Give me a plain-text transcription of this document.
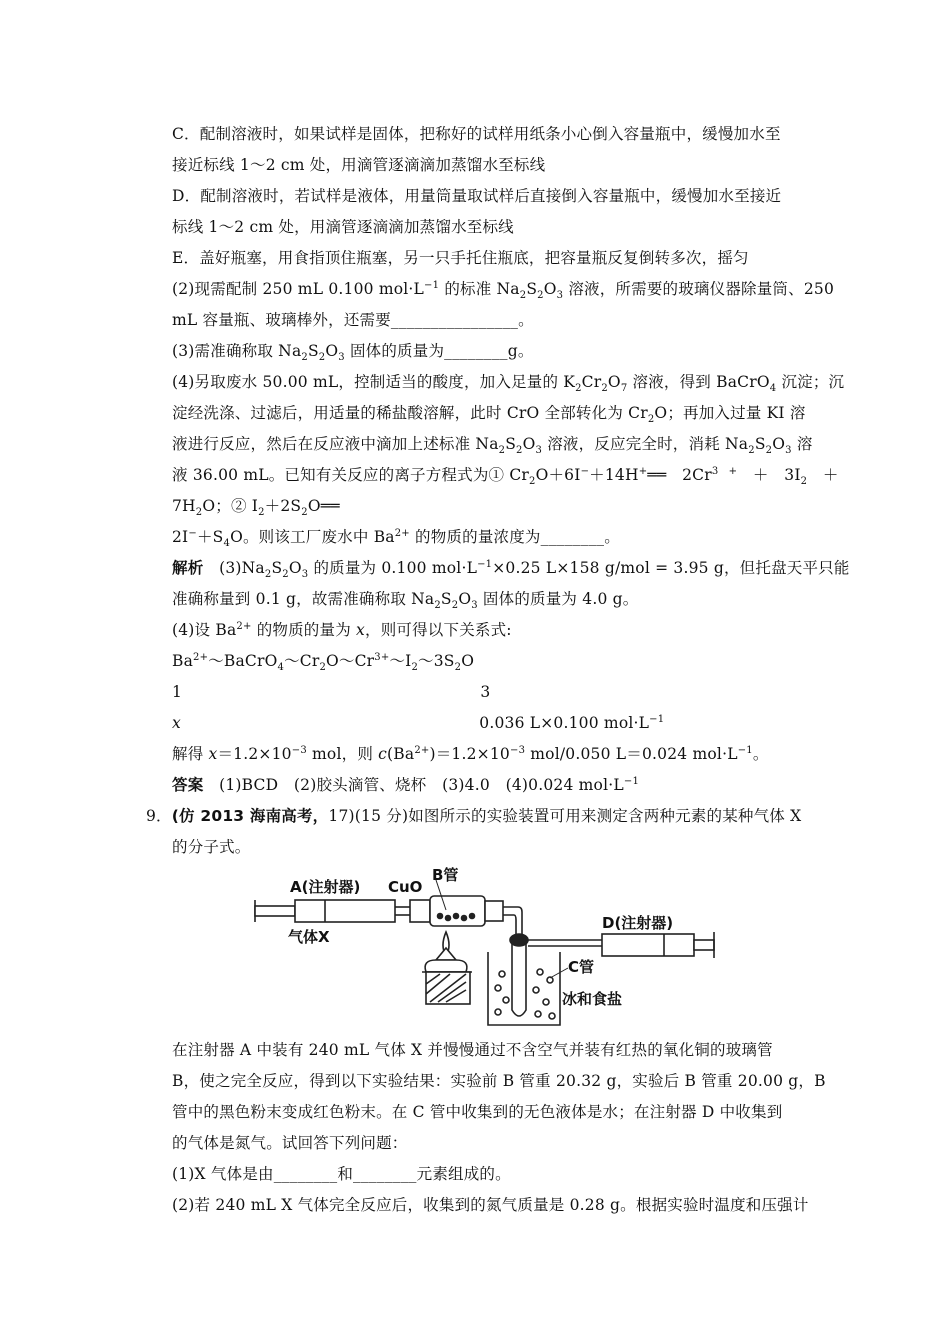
C．配制溶液时，如果试样是固体，把称好的试样用纸条小心倒入容量瓶中，缓慢加水至
接近标线 1～2 cm 处，用滴管逐滴滴加蒸馏水至标线
D．配制溶液时，若试样是液体，用量筒量取试样后直接倒入容量瓶中，缓慢加水至接近
标线 1～2 cm 处，用滴管逐滴滴加蒸馏水至标线
E．盖好瓶塞，用食指顶住瓶塞，另一只手托住瓶底，把容量瓶反复倒转多次，摇匀
(2)现需配制 250 mL 0.100 $mol\cdot L^{-1}$ 的标准 $Na_2S_2O_3$ 溶液，所需要的玻璃仪器除量筒、250
mL 容量瓶、玻璃棒外，还需要________________。
(3)需准确称取 $Na_2S_2O_3$ 固体的质量为________g。
(4)另取废水 50.00 mL，控制适当的酸度，加入足量的 $K_2Cr_2O_7$ 溶液，得到 BaCrO$_4$ 沉淀；沉
淀经洗涤、过滤后，用适量的稀盐酸溶解，此时 CrO 全部转化为 $Cr_2O$；再加入过量 KI 溶
液进行反应，然后在反应液中滴加上述标准 $Na_2S_2O_3$ 溶液，反应完全时，消耗 $Na_2S_2O_3$ 溶
液 36.00 mL。已知有关反应的离子方程式为① $Cr_2O+6I^-+14H^+══$　$2Cr^{3 +}$　＋　$3I_2$　＋
$7H_2O$；② $I_2+2S_2O══$
$2I^-+S_4O$。则该工厂废水中 $Ba^{2+}$ 的物质的量浓度为________。
解析　$(3)Na_2S_2O_3$ 的质量为 0.100 $mol\cdot L^{-1}\times 0.25$ L×158 g/mol = 3.95 g，但托盘天平只能
准确称量到 0.1 g，故需准确称取 $Na_2S_2O_3$ 固体的质量为 4.0 g。
(4)设 $Ba^{2+}$ 的物质的量为 x，则可得以下关系式:
$Ba^{2+}\sim BaCrO_4\sim Cr_2O\sim Cr^{3+}\sim I_2\sim 3S_2O$
1　　　　　　　　　　　　　　　　　　　3
x　　　　　　　　　　　　　　　　　　　0.036 L×0.100 $mol\cdot L^{-1}$
解得 $x=1.2\times 10^{-3}$ mol，则 $c(Ba^{2+})=1.2\times 10^{-3}$ mol/0.050 L＝0.024 $mol\cdot L^{-1}$。
答案　(1)BCD　(2)胶头滴管、烧杯　(3)4.0　(4)0.024 $mol\cdot L^{-1}$
9．(仿 2013 海南高考，17)(15 分)如图所示的实验装置可用来测定含两种元素的某种气体 X
的分子式。
在注射器 A 中装有 240 mL 气体 X 并慢慢通过不含空气并装有红热的氧化铜的玻璃管
B，使之完全反应，得到以下实验结果：实验前 B 管重 20.32 g，实验后 B 管重 20.00 g，B
管中的黑色粉末变成红色粉末。在 C 管中收集到的无色液体是水；在注射器 D 中收集到
的气体是氮气。试回答下列问题：
(1)X 气体是由________和________元素组成的。
(2)若 240 mL X 气体完全反应后，收集到的氮气质量是 0.28 g。根据实验时温度和压强计
A(注射器) CuO
B管
气体X
D(注射器)
C管
冰和食盐
